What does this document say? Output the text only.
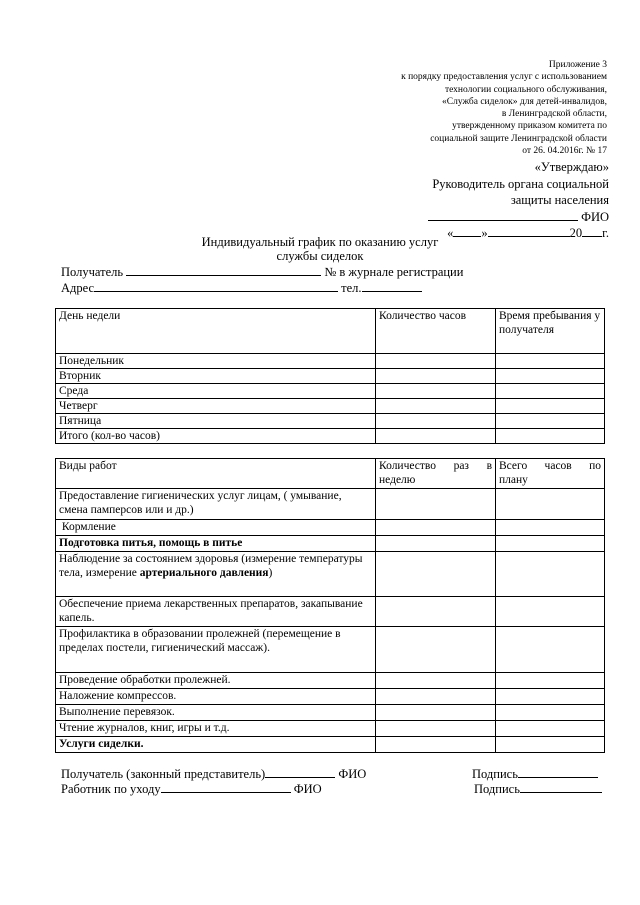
Приложение 3
к порядку предоставления услуг с использованием
технологии социального обслуживания,
«Служба сиделок» для детей-инвалидов,
в Ленинградской области,
утвержденному приказом комитета по
социальной защите Ленинградской области
от 26. 04.2016г. № 17
«Утверждаю»
Руководитель органа социальной
защиты населения
ФИО
« »	20 г.
Индивидуальный график по оказанию услуг
службы сиделок
Получатель	№ в журнале регистрации
Адрес	тел.
День недели	Количество часов	Время пребывания у получателя
Понедельник		
Вторник		
Среда		
Четверг		
Пятница		
Итого (кол-во часов)		
Виды работ	Количество раз в неделю	Всего часов по плану
Предоставление гигиенических услуг лицам, ( умывание, смена памперсов или и др.)		
Кормление		
Подготовка питья, помощь в питье		
Наблюдение за состоянием здоровья (измерение температуры тела, измерение артериального давления)		
Обеспечение приема лекарственных препаратов, закапывание капель.		
Профилактика в образовании пролежней (перемещение в пределах постели, гигиенический массаж).		
Проведение обработки пролежней.		
Наложение компрессов.		
Выполнение перевязок.		
Чтение журналов, книг, игры и т.д.		
Услуги сиделки.		
Получатель (законный представитель)	ФИО	Подпись
Работник по уходу	ФИО	Подпись
